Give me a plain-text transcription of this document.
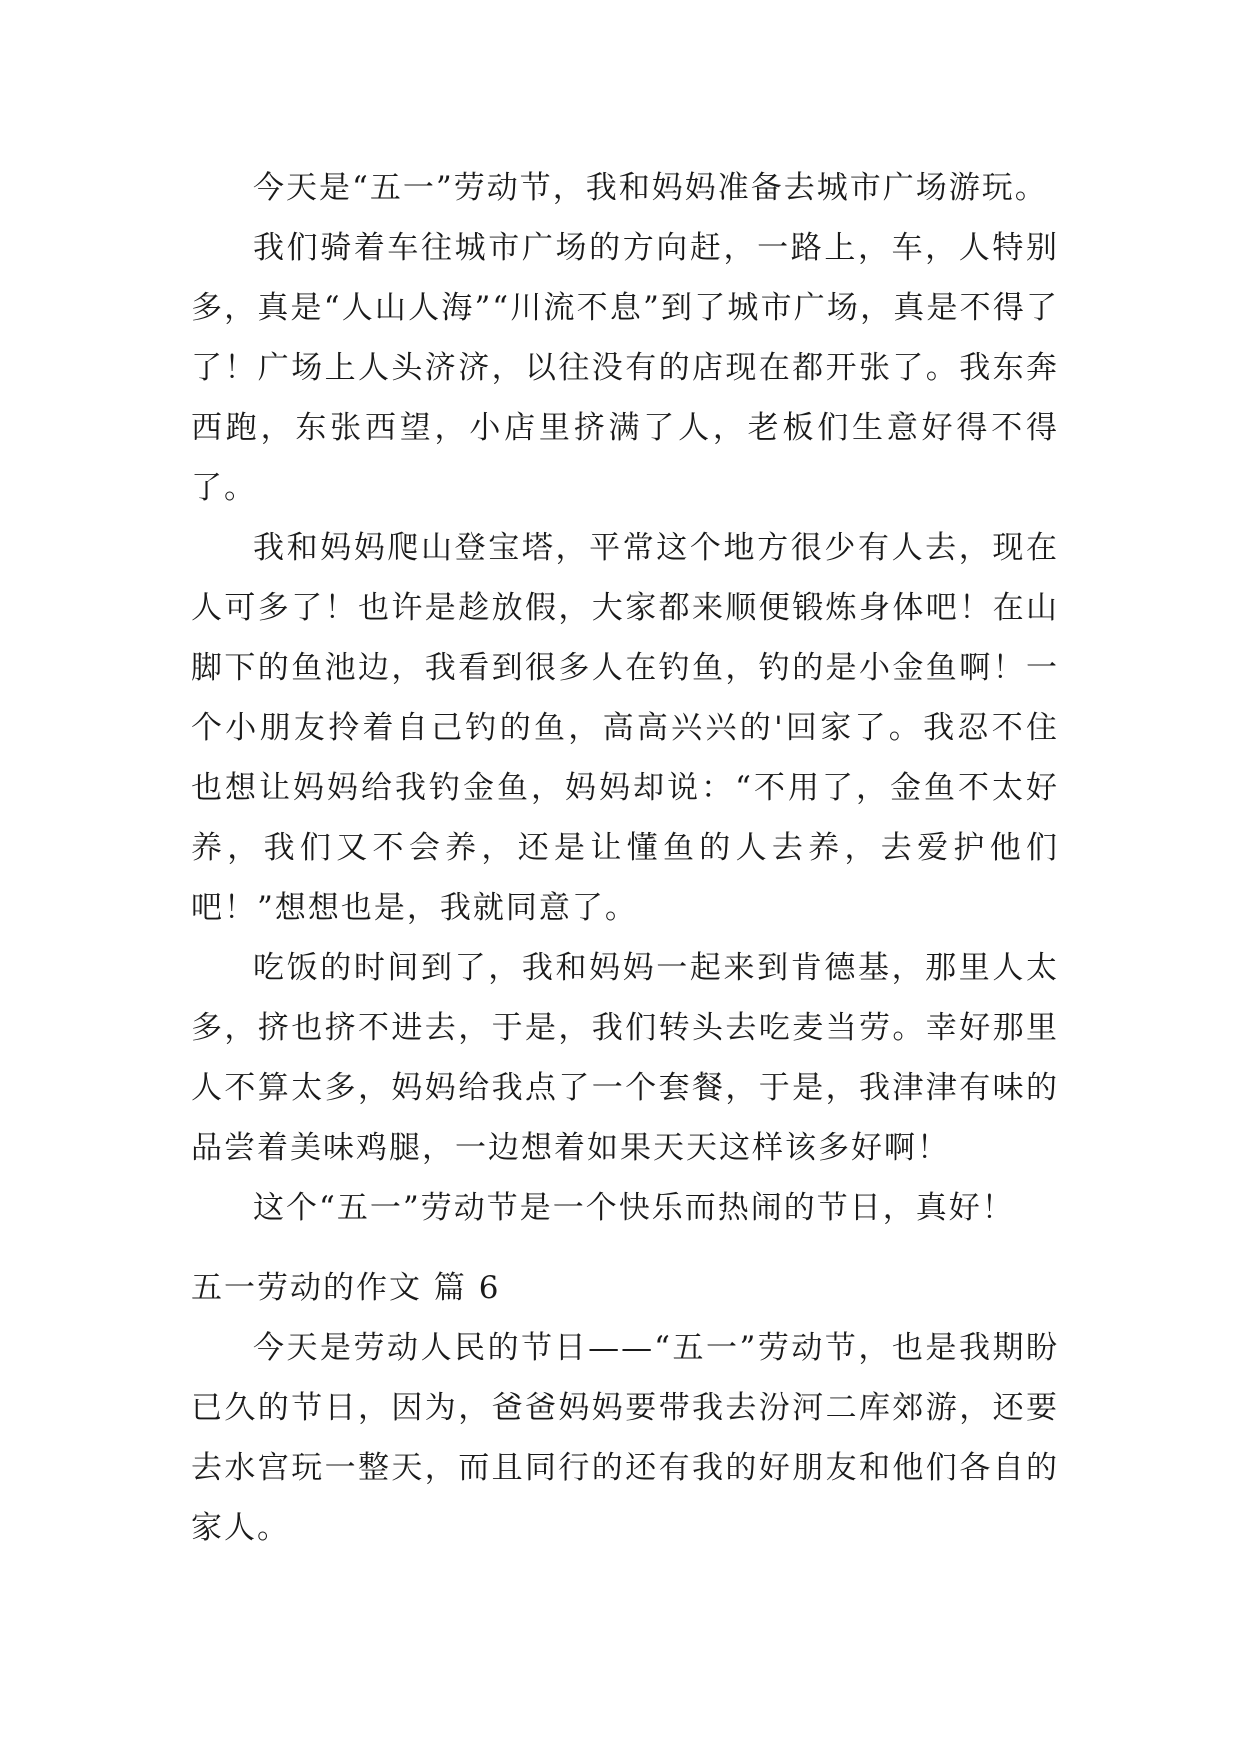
今天是“五一”劳动节，我和妈妈准备去城市广场游玩。

我们骑着车往城市广场的方向赶，一路上，车，人特别多，真是“人山人海”“川流不息”到了城市广场，真是不得了了！广场上人头济济，以往没有的店现在都开张了。我东奔西跑，东张西望，小店里挤满了人，老板们生意好得不得了。

我和妈妈爬山登宝塔，平常这个地方很少有人去，现在人可多了！也许是趁放假，大家都来顺便锻炼身体吧！在山脚下的鱼池边，我看到很多人在钓鱼，钓的是小金鱼啊！一个小朋友拎着自己钓的鱼，高高兴兴的'回家了。我忍不住也想让妈妈给我钓金鱼，妈妈却说：“不用了，金鱼不太好养，我们又不会养，还是让懂鱼的人去养，去爱护他们吧！”想想也是，我就同意了。

吃饭的时间到了，我和妈妈一起来到肯德基，那里人太多，挤也挤不进去，于是，我们转头去吃麦当劳。幸好那里人不算太多，妈妈给我点了一个套餐，于是，我津津有味的品尝着美味鸡腿，一边想着如果天天这样该多好啊！

这个“五一”劳动节是一个快乐而热闹的节日，真好！

五一劳动的作文 篇 6

今天是劳动人民的节日——“五一”劳动节，也是我期盼已久的节日，因为，爸爸妈妈要带我去汾河二库郊游，还要去水宫玩一整天，而且同行的还有我的好朋友和他们各自的家人。
